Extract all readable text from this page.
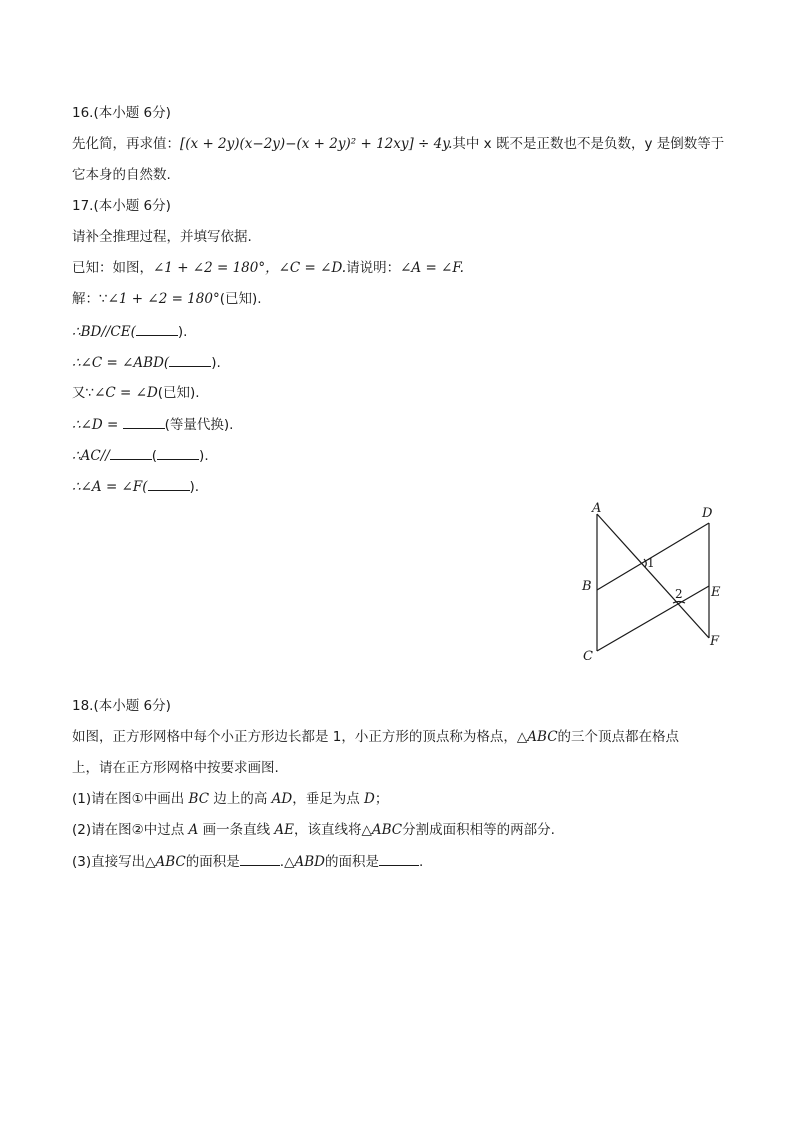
16.(本小题 6分)
先化简，再求值：[(x + 2y)(x−2y)−(x + 2y)² + 12xy] ÷ 4y.其中 x 既不是正数也不是负数，y 是倒数等于
它本身的自然数.
17.(本小题 6分)
请补全推理过程，并填写依据.
已知：如图，∠1 + ∠2 = 180°，∠C = ∠D.请说明：∠A = ∠F.
解：∵∠1 + ∠2 = 180°(已知).
∴BD//CE(	).
∴∠C = ∠ABD(	).
又∵∠C = ∠D(已知).
∴∠D =	(等量代换).
∴AC//	(	).
∴∠A = ∠F(	).
A	D
B	E
C
F
1
2
18.(本小题 6分)
如图，正方形网格中每个小正方形边长都是 1，小正方形的顶点称为格点，△ABC的三个顶点都在格点
上，请在正方形网格中按要求画图.
(1)请在图①中画出 BC 边上的高 AD，垂足为点 D；
(2)请在图②中过点 A 画一条直线 AE，该直线将△ABC分割成面积相等的两部分.
(3)直接写出△ABC的面积是	.△ABD的面积是	.
